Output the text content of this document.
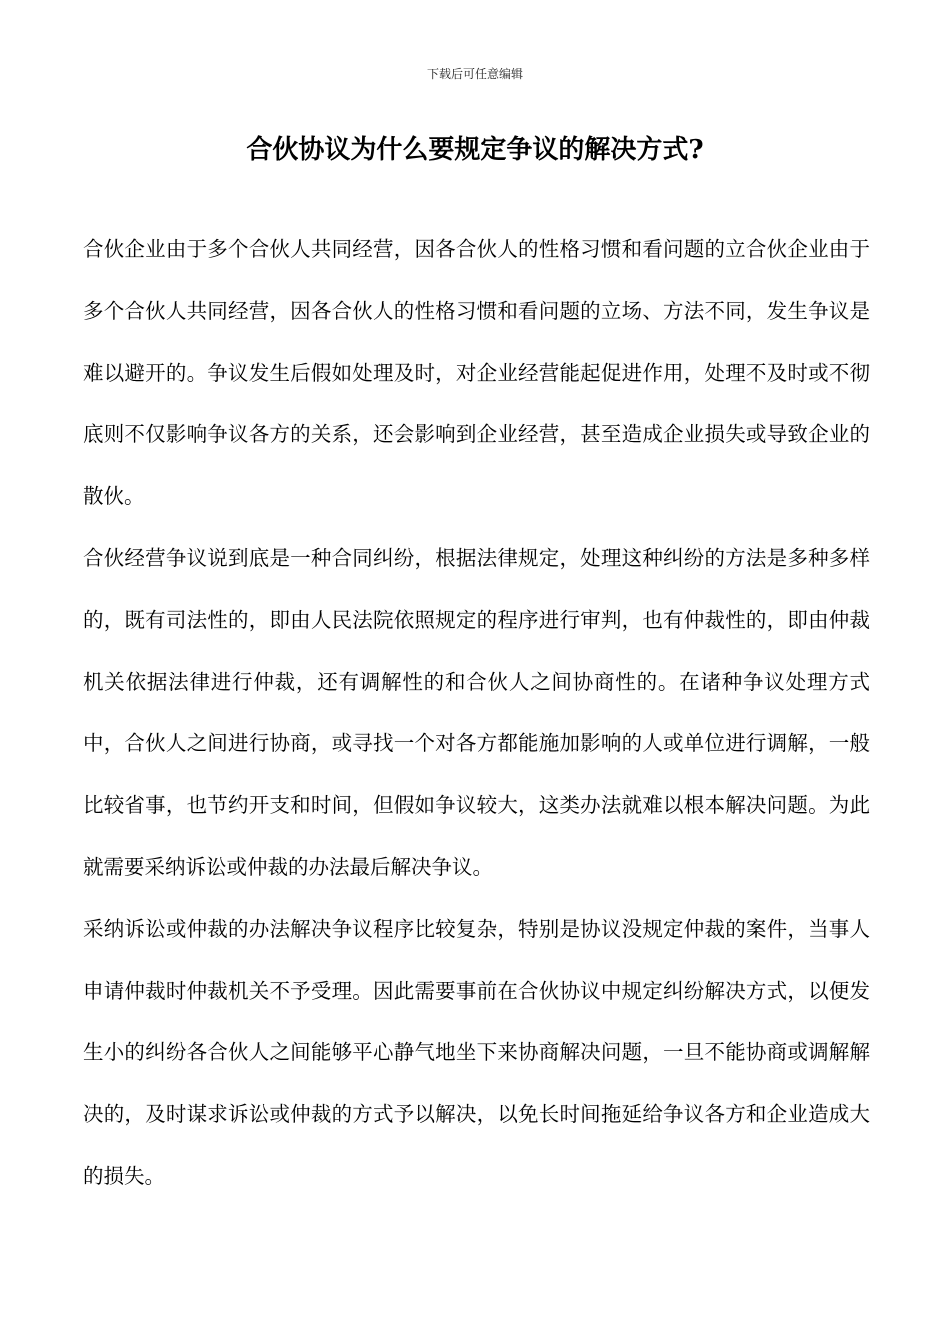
下载后可任意编辑
合伙协议为什么要规定争议的解决方式?

合伙企业由于多个合伙人共同经营，因各合伙人的性格习惯和看问题的立合伙企业由于多个合伙人共同经营，因各合伙人的性格习惯和看问题的立场、方法不同，发生争议是难以避开的。争议发生后假如处理及时，对企业经营能起促进作用，处理不及时或不彻底则不仅影响争议各方的关系，还会影响到企业经营，甚至造成企业损失或导致企业的散伙。

合伙经营争议说到底是一种合同纠纷，根据法律规定，处理这种纠纷的方法是多种多样的，既有司法性的，即由人民法院依照规定的程序进行审判，也有仲裁性的，即由仲裁机关依据法律进行仲裁，还有调解性的和合伙人之间协商性的。在诸种争议处理方式中，合伙人之间进行协商，或寻找一个对各方都能施加影响的人或单位进行调解，一般比较省事，也节约开支和时间，但假如争议较大，这类办法就难以根本解决问题。为此就需要采纳诉讼或仲裁的办法最后解决争议。

采纳诉讼或仲裁的办法解决争议程序比较复杂，特别是协议没规定仲裁的案件，当事人申请仲裁时仲裁机关不予受理。因此需要事前在合伙协议中规定纠纷解决方式，以便发生小的纠纷各合伙人之间能够平心静气地坐下来协商解决问题，一旦不能协商或调解解决的，及时谋求诉讼或仲裁的方式予以解决，以免长时间拖延给争议各方和企业造成大的损失。
